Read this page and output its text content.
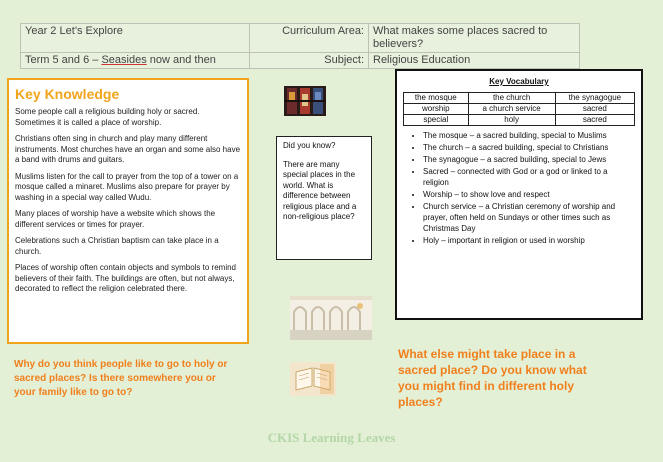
Year 2 Let’s Explore	Curriculum Area:	What makes some places sacred to believers?
Term 5 and 6 – Seasides now and then	Subject:	Religious Education
Key Knowledge

Some people call a religious building holy or sacred. Sometimes it is called a place of worship.

Christians often sing in church and play many different instruments. Most churches have an organ and some also have a band with drums and guitars.

Muslims listen for the call to prayer from the top of a tower on a mosque called a minaret. Muslims also prepare for prayer by washing in a special way called Wudu.

Many places of worship have a website which shows the different services or times for prayer.

Celebrations such a Christian baptism can take place in a church.

Places of worship often contain objects and symbols to remind believers of their faith. The buildings are often, but not always, decorated to reflect the religion celebrated there.

Did you know?

There are many special places in the world. What is difference between religious place and a non-religious place?

Key Vocabulary
the mosque	the church	the synagogue
worship	a church service	sacred
special	holy	sacred
• The mosque – a sacred building, special to Muslims
• The church – a sacred building, special to Christians
• The synagogue – a sacred building, special to Jews
• Sacred – connected with God or a god or linked to a religion
• Worship – to show love and respect
• Church service – a Christian ceremony of worship and prayer, often held on Sundays or other times such as Christmas Day
• Holy – important in religion or used in worship
Why do you think people like to go to holy or sacred places? Is there somewhere you or your family like to go to?
What else might take place in a sacred place? Do you know what you might find in different holy places?
CKIS Learning Leaves
